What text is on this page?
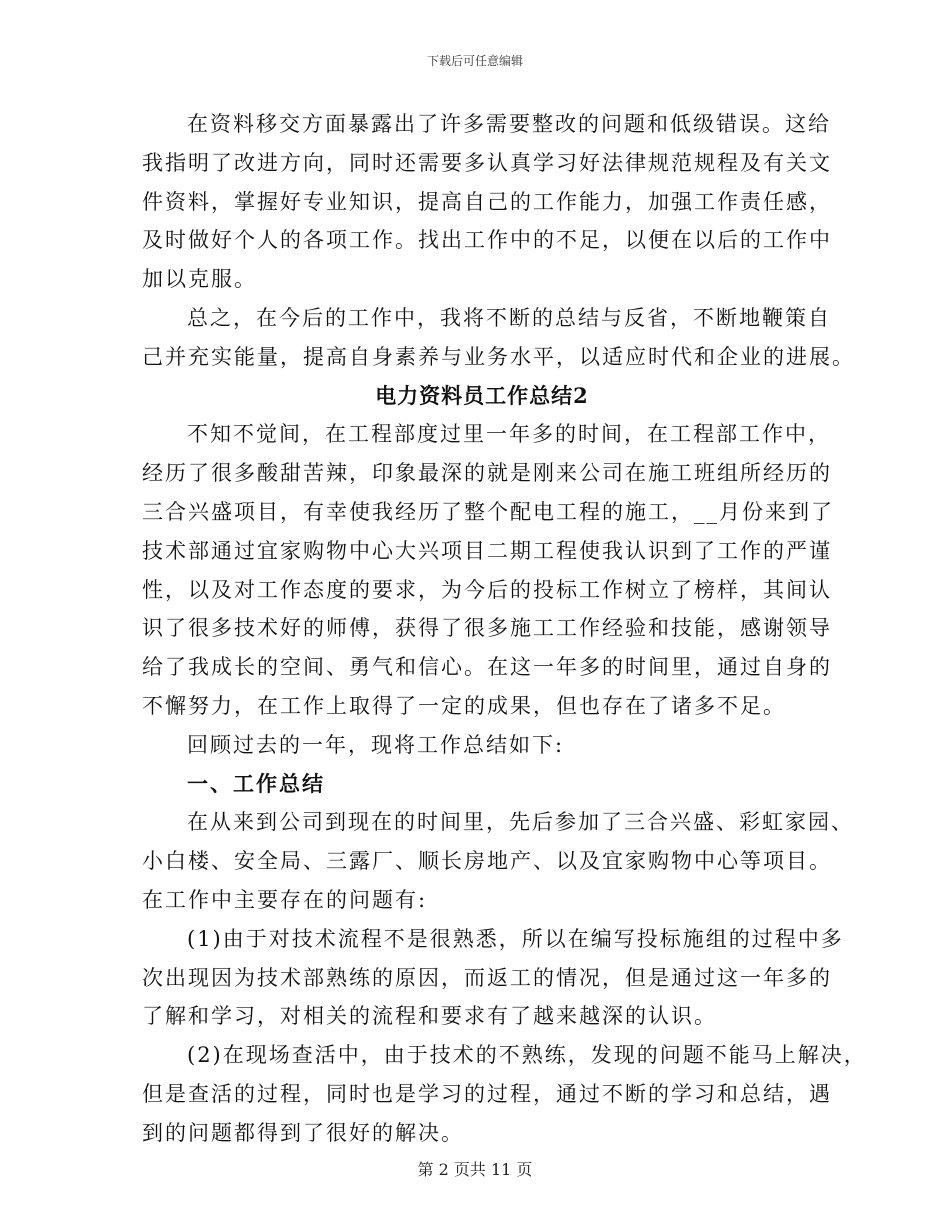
下载后可任意编辑
在资料移交方面暴露出了许多需要整改的问题和低级错误。这给
我指明了改进方向，同时还需要多认真学习好法律规范规程及有关文
件资料，掌握好专业知识，提高自己的工作能力，加强工作责任感，
及时做好个人的各项工作。找出工作中的不足，以便在以后的工作中
加以克服。
总之，在今后的工作中，我将不断的总结与反省，不断地鞭策自
己并充实能量，提高自身素养与业务水平，以适应时代和企业的进展。
电力资料员工作总结2
不知不觉间，在工程部度过里一年多的时间，在工程部工作中，
经历了很多酸甜苦辣，印象最深的就是刚来公司在施工班组所经历的
三合兴盛项目，有幸使我经历了整个配电工程的施工，__月份来到了
技术部通过宜家购物中心大兴项目二期工程使我认识到了工作的严谨
性，以及对工作态度的要求，为今后的投标工作树立了榜样，其间认
识了很多技术好的师傅，获得了很多施工工作经验和技能，感谢领导
给了我成长的空间、勇气和信心。在这一年多的时间里，通过自身的
不懈努力，在工作上取得了一定的成果，但也存在了诸多不足。
回顾过去的一年，现将工作总结如下:
一、工作总结
在从来到公司到现在的时间里，先后参加了三合兴盛、彩虹家园、
小白楼、安全局、三露厂、顺长房地产、以及宜家购物中心等项目。
在工作中主要存在的问题有:
(1)由于对技术流程不是很熟悉，所以在编写投标施组的过程中多
次出现因为技术部熟练的原因，而返工的情况，但是通过这一年多的
了解和学习，对相关的流程和要求有了越来越深的认识。
(2)在现场查活中，由于技术的不熟练，发现的问题不能马上解决，
但是查活的过程，同时也是学习的过程，通过不断的学习和总结，遇
到的问题都得到了很好的解决。
第 2 页共 11 页
